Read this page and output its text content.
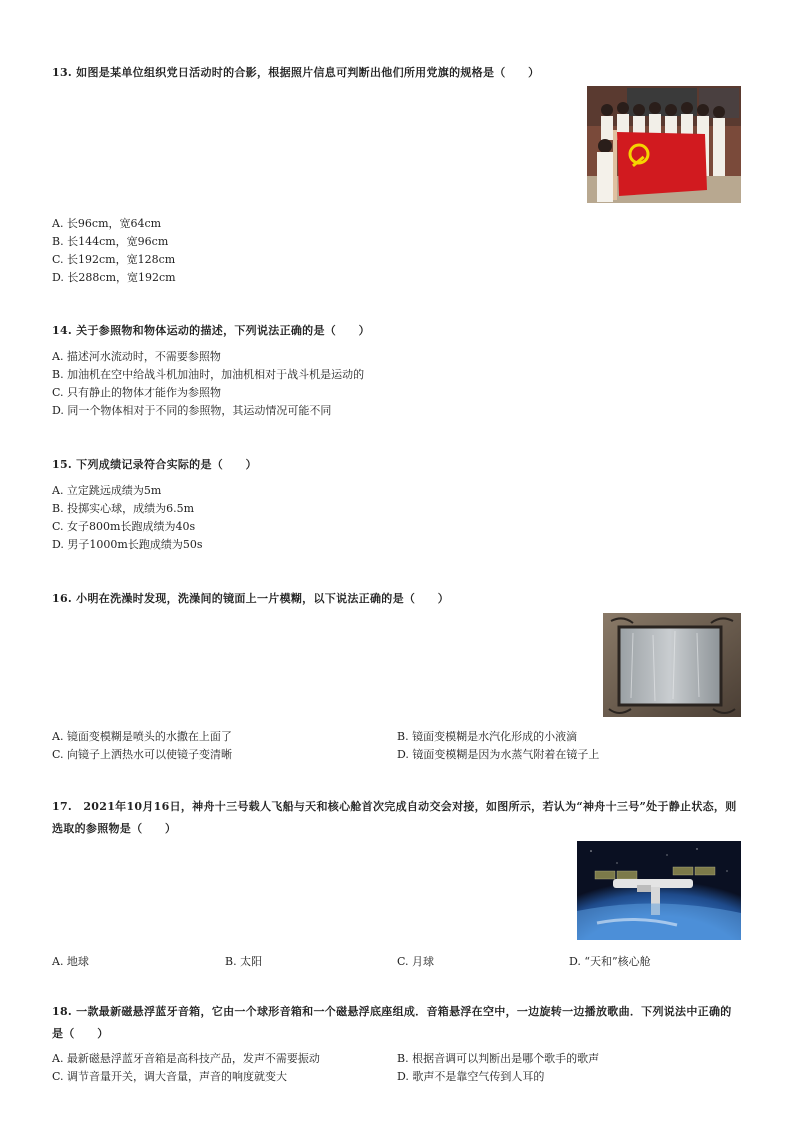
13. 如图是某单位组织党日活动时的合影，根据照片信息可判断出他们所用党旗的规格是（　　）
A. 长96cm，宽64cm
B. 长144cm，宽96cm
C. 长192cm，宽128cm
D. 长288cm，宽192cm
14. 关于参照物和物体运动的描述，下列说法正确的是（　　）
A. 描述河水流动时，不需要参照物
B. 加油机在空中给战斗机加油时，加油机相对于战斗机是运动的
C. 只有静止的物体才能作为参照物
D. 同一个物体相对于不同的参照物，其运动情况可能不同
15. 下列成绩记录符合实际的是（　　）
A. 立定跳远成绩为5m
B. 投掷实心球，成绩为6.5m
C. 女子800m长跑成绩为40s
D. 男子1000m长跑成绩为50s
16. 小明在洗澡时发现，洗澡间的镜面上一片模糊，以下说法正确的是（　　）
A. 镜面变模糊是喷头的水撒在上面了	B. 镜面变模糊是水汽化形成的小液滴
C. 向镜子上洒热水可以使镜子变清晰	D. 镜面变模糊是因为水蒸气附着在镜子上
17.　2021年10月16日，神舟十三号载人飞船与天和核心舱首次完成自动交会对接，如图所示，若认为“神舟十三号”处于静止状态，则选取的参照物是（　　）
A. 地球	B. 太阳	C. 月球	D. “天和”核心舱
18. 一款最新磁悬浮蓝牙音箱，它由一个球形音箱和一个磁悬浮底座组成．音箱悬浮在空中，一边旋转一边播放歌曲．下列说法中正确的是（　　）
A. 最新磁悬浮蓝牙音箱是高科技产品，发声不需要振动	B. 根据音调可以判断出是哪个歌手的歌声
C. 调节音量开关，调大音量，声音的响度就变大	D. 歌声不是靠空气传到人耳的
